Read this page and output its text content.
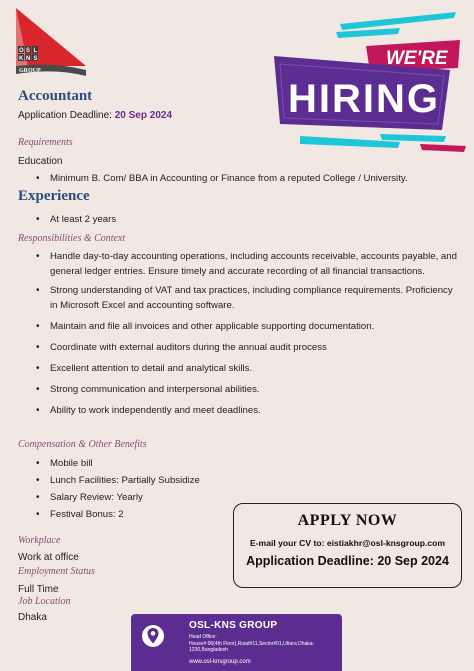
O S L
K N S
GROUP
WE'RE
HIRING
Accountant
Application Deadline: 20 Sep 2024
Requirements
Education
• Minimum B. Com/ BBA in Accounting or Finance from a reputed College / University.
Experience
• At least 2 years
Responsibilities & Context
• Handle day-to-day accounting operations, including accounts receivable, accounts payable, and general ledger entries. Ensure timely and accurate recording of all financial transactions.
• Strong understanding of VAT and tax practices, including compliance requirements. Proficiency in Microsoft Excel and accounting software.
• Maintain and file all invoices and other applicable supporting documentation.
• Coordinate with external auditors during the annual audit process
• Excellent attention to detail and analytical skills.
• Strong communication and interpersonal abilities.
• Ability to work independently and meet deadlines.
Compensation & Other Benefits
• Mobile bill
• Lunch Facilities: Partially Subsidize
• Salary Review: Yearly
• Festival Bonus: 2
Workplace
Work at office
Employment Status
Full Time
Job Location
Dhaka
APPLY NOW
E-mail your CV to: eistiakhr@osl-knsgroup.com
Application Deadline: 20 Sep 2024
OSL-KNS GROUP
Head Office:
House# 06(4th Floor),Road#11,Sector#01,Uttara Dhaka-1230,Bangladesh
www.osl-knsgroup.com
